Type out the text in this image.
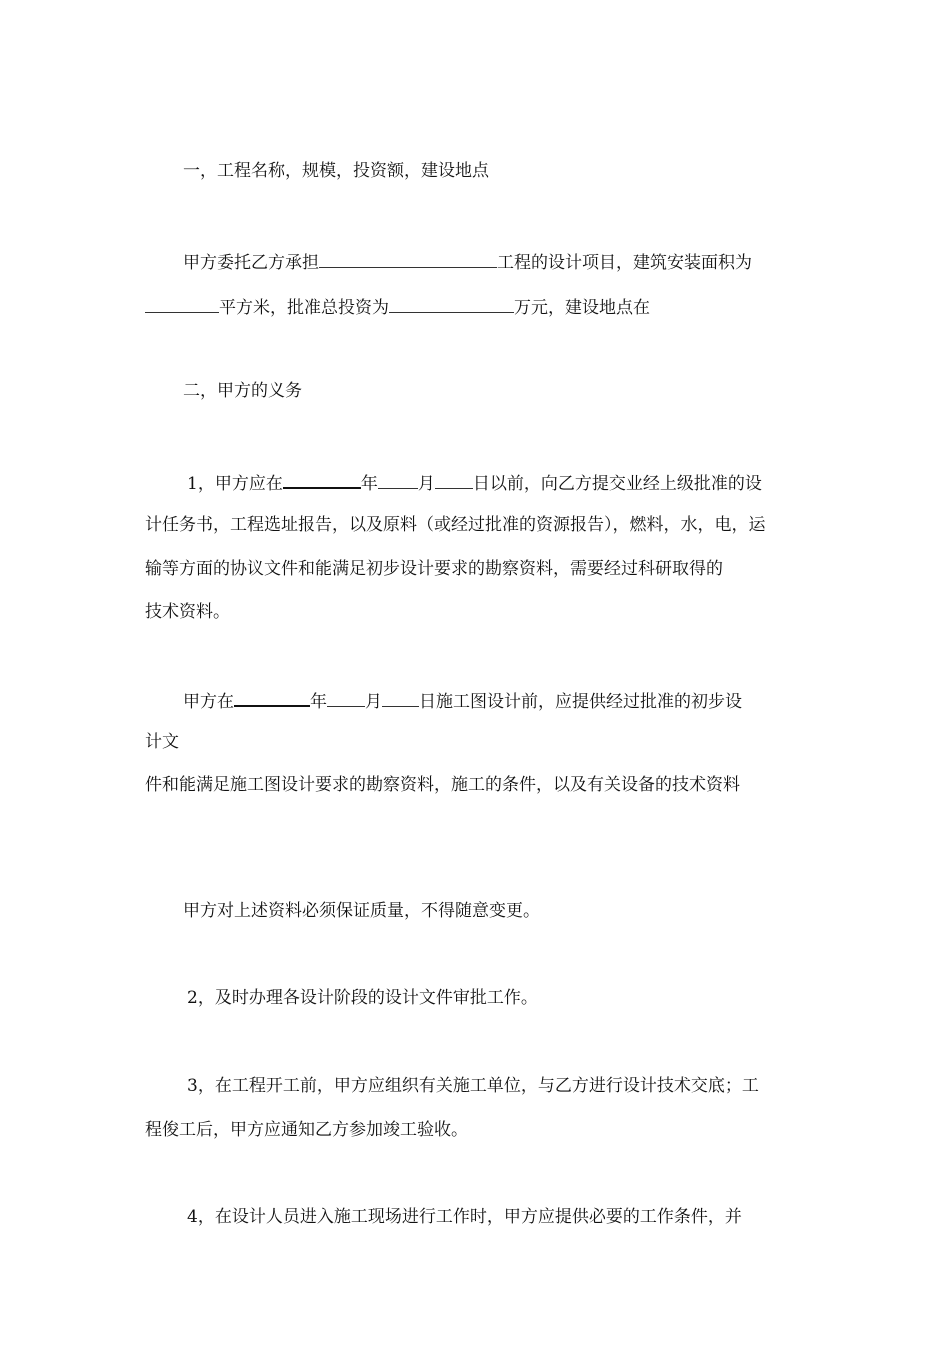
一，工程名称，规模，投资额，建设地点
甲方委托乙方承担	工程的设计项目，建筑安装面积为
平方米，批准总投资为	万元，建设地点在
二，甲方的义务
1，甲方应在	年 月 日以前，向乙方提交业经上级批准的设
计任务书，工程选址报告，以及原料（或经过批准的资源报告），燃料，水，电，运
输等方面的协议文件和能满足初步设计要求的勘察资料，需要经过科研取得的
技术资料。
甲方在	年 月 日施工图设计前，应提供经过批准的初步设
计文
件和能满足施工图设计要求的勘察资料，施工的条件，以及有关设备的技术资料
甲方对上述资料必须保证质量，不得随意变更。
2，及时办理各设计阶段的设计文件审批工作。
3，在工程开工前，甲方应组织有关施工单位，与乙方进行设计技术交底；工
程俊工后，甲方应通知乙方参加竣工验收。
4，在设计人员进入施工现场进行工作时，甲方应提供必要的工作条件，并
